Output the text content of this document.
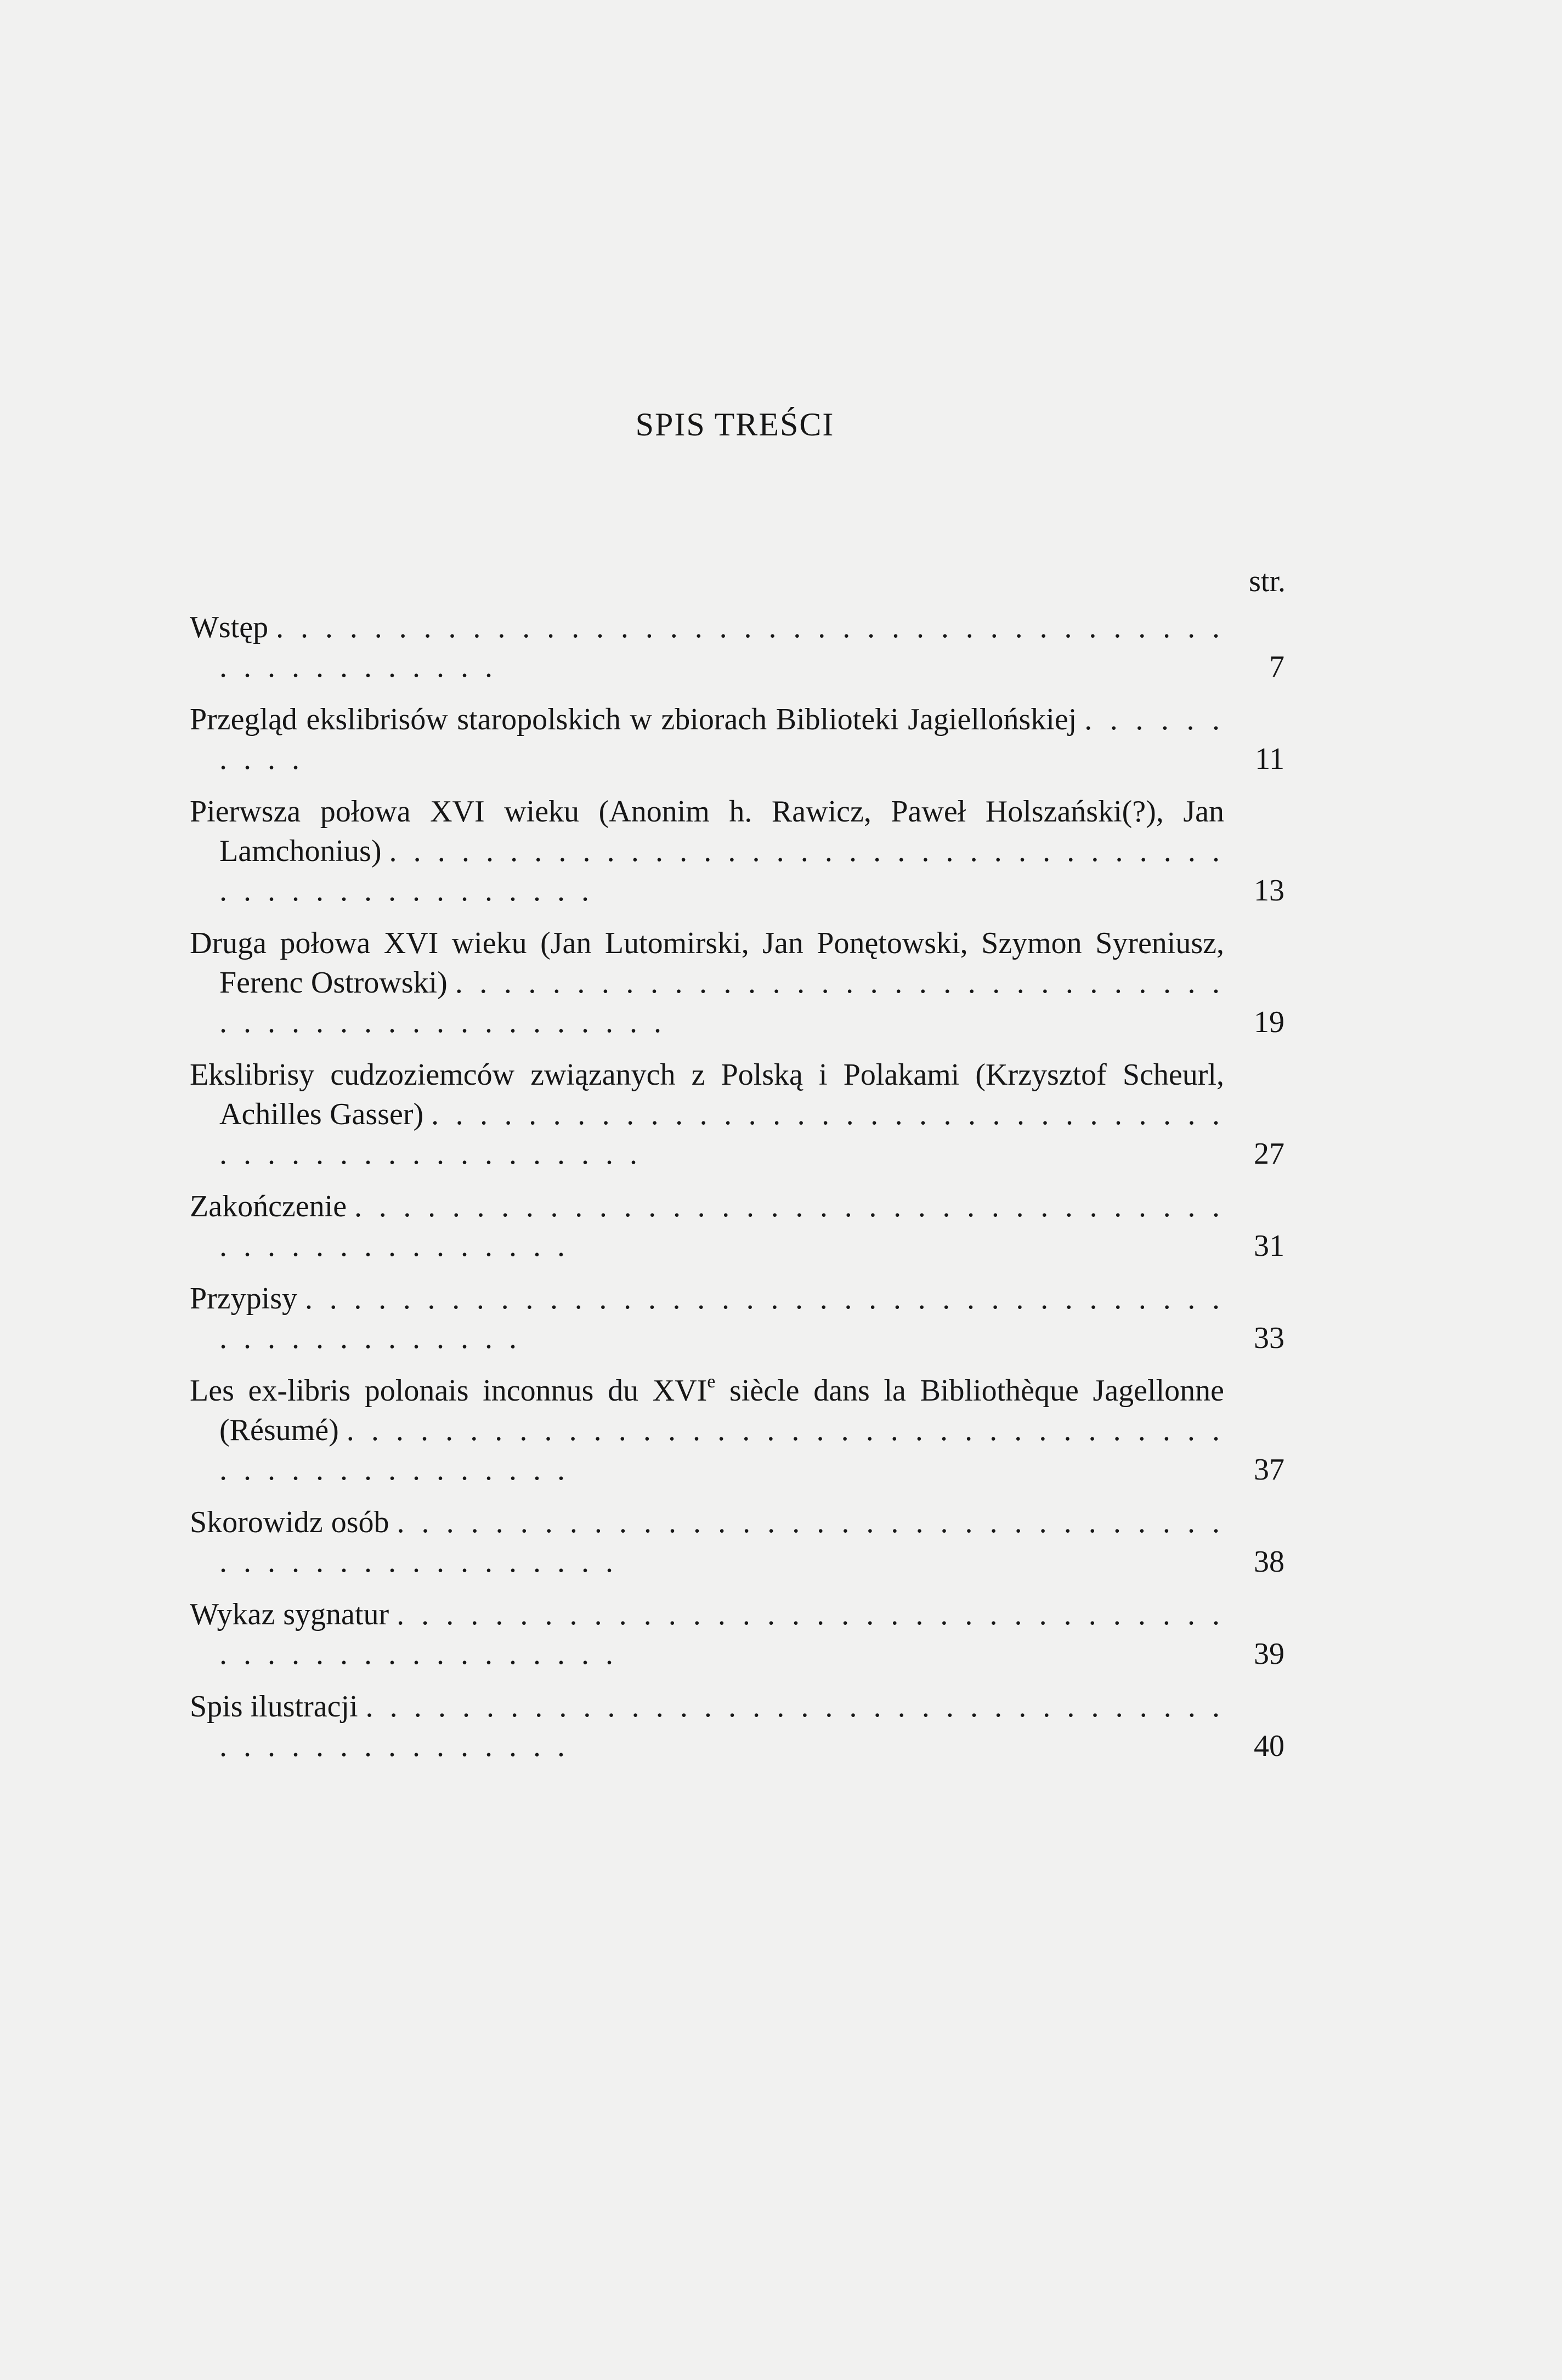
SPIS TREŚCI
str.
Wstęp . . . . . . . . . . . . . . . . . . . . . . . . . . . . . . . . . . . . . . . . . . . . . . . . . . .	7
Przegląd ekslibrisów staropolskich w zbiorach Biblioteki Jagiellońskiej . . . . . . . . . .	11
Pierwsza połowa XVI wieku (Anonim h. Rawicz, Paweł Holszański(?), Jan Lamchonius) . . . . . . . . . . . . . . . . . . . . . . . . . . . . . . . . . . . . . . . . . . . . . . . . . . .	13
Druga połowa XVI wieku (Jan Lutomirski, Jan Ponętowski, Szymon Syreniusz, Ferenc Ostrowski) . . . . . . . . . . . . . . . . . . . . . . . . . . . . . . . . . . . . . . . . . . . . . . . . . . .	19
Ekslibrisy cudzoziemców związanych z Polską i Polakami (Krzysztof Scheurl, Achilles Gasser) . . . . . . . . . . . . . . . . . . . . . . . . . . . . . . . . . . . . . . . . . . . . . . . . . . .	27
Zakończenie . . . . . . . . . . . . . . . . . . . . . . . . . . . . . . . . . . . . . . . . . . . . . . . . . . .	31
Przypisy . . . . . . . . . . . . . . . . . . . . . . . . . . . . . . . . . . . . . . . . . . . . . . . . . . .	33
Les ex-libris polonais inconnus du XVIe siècle dans la Bibliothèque Jagellonne (Résumé) . . . . . . . . . . . . . . . . . . . . . . . . . . . . . . . . . . . . . . . . . . . . . . . . . . .	37
Skorowidz osób . . . . . . . . . . . . . . . . . . . . . . . . . . . . . . . . . . . . . . . . . . . . . . . . . . .	38
Wykaz sygnatur . . . . . . . . . . . . . . . . . . . . . . . . . . . . . . . . . . . . . . . . . . . . . . . . . . .	39
Spis ilustracji . . . . . . . . . . . . . . . . . . . . . . . . . . . . . . . . . . . . . . . . . . . . . . . . . . .	40
